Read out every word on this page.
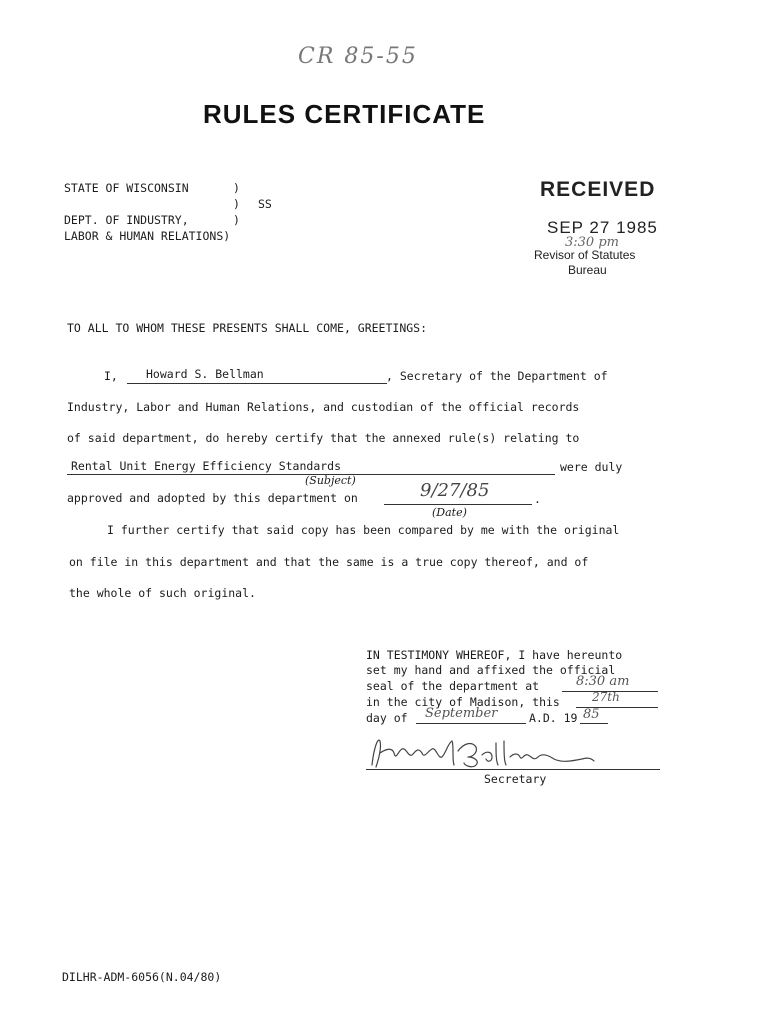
CR 85-55
RULES CERTIFICATE
STATE OF WISCONSIN	)
) SS
DEPT. OF INDUSTRY,	)
LABOR & HUMAN RELATIONS)
RECEIVED
SEP 27 1985
3:30 pm
Revisor of Statutes
Bureau
TO ALL TO WHOM THESE PRESENTS SHALL COME, GREETINGS:
I, Howard S. Bellman	, Secretary of the Department of
Industry, Labor and Human Relations, and custodian of the official records
of said department, do hereby certify that the annexed rule(s) relating to
Rental Unit Energy Efficiency Standards	were duly
(Subject)
approved and adopted by this department on	9/27/85	.
(Date)
I further certify that said copy has been compared by me with the original
on file in this department and that the same is a true copy thereof, and of
the whole of such original.
IN TESTIMONY WHEREOF, I have hereunto
set my hand and affixed the official
seal of the department at	8:30 am
in the city of Madison, this	27th
day of September	A.D. 19 85
Secretary
DILHR-ADM-6056(N.04/80)
